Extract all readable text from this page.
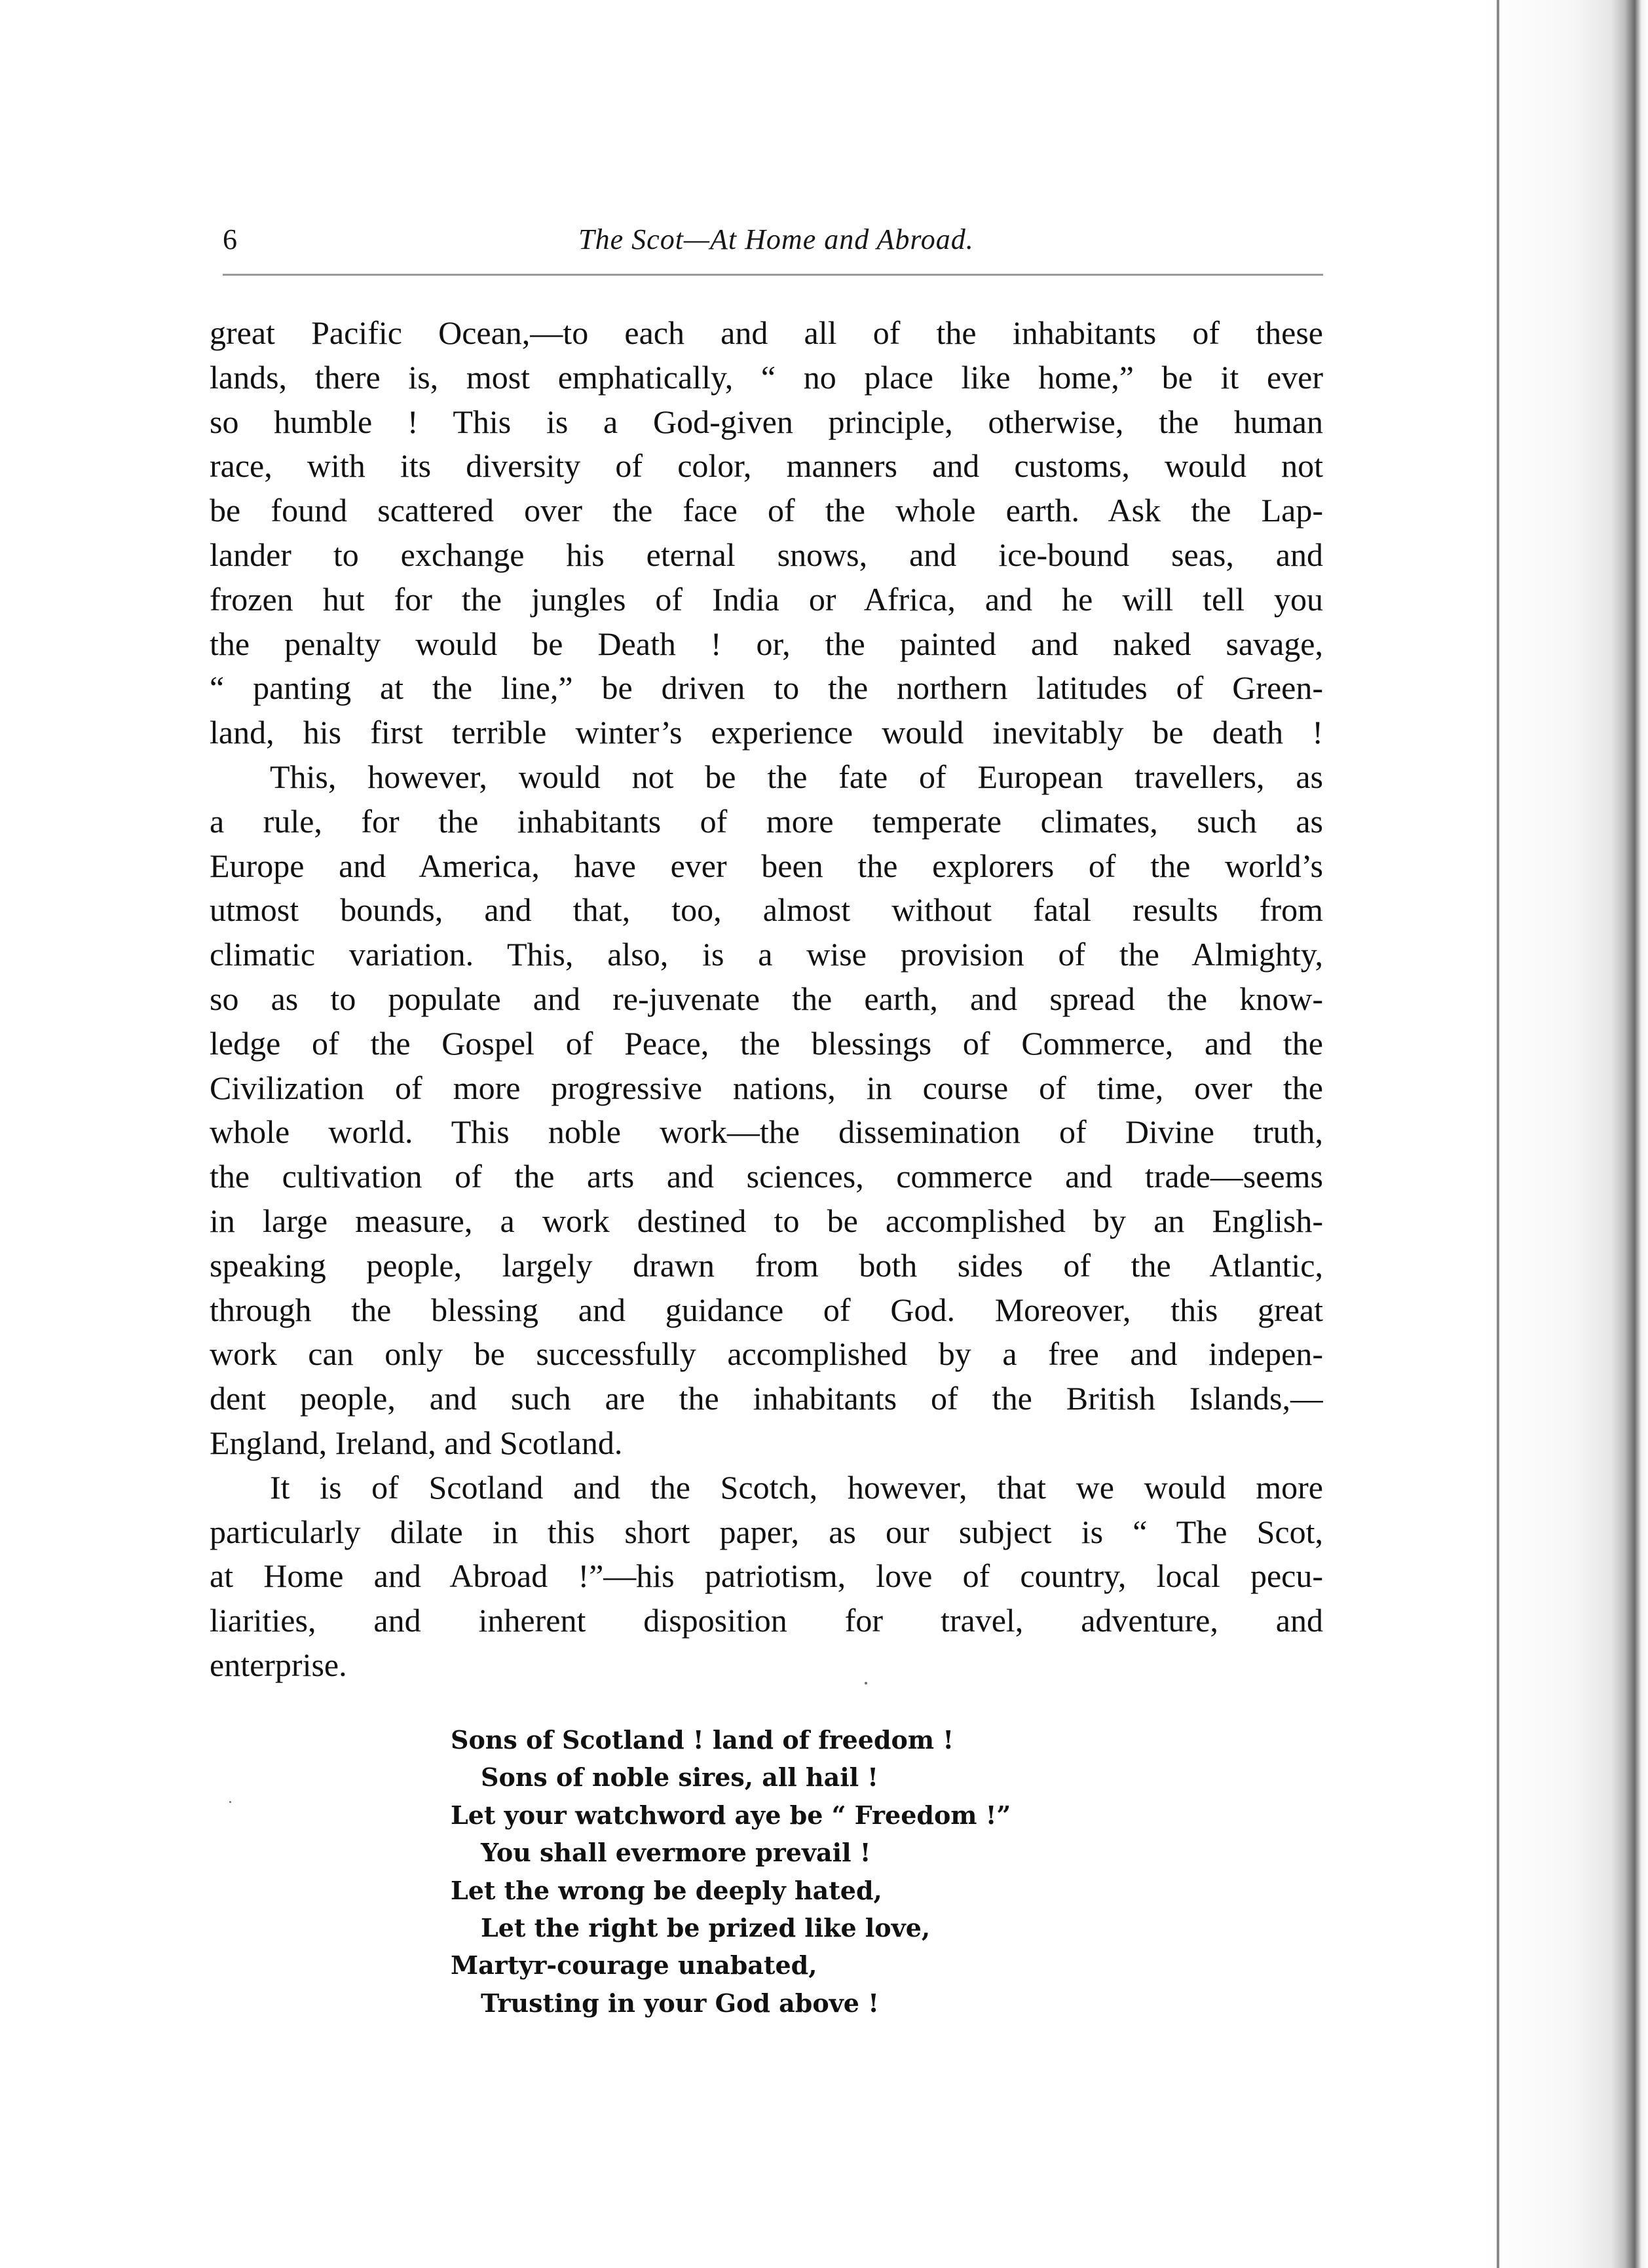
6	The Scot—At Home and Abroad.
great Pacific Ocean,—to each and all of the inhabitants of these
lands, there is, most emphatically, “ no place like home,” be it ever
so humble ! This is a God-given principle, otherwise, the human
race, with its diversity of color, manners and customs, would not
be found scattered over the face of the whole earth. Ask the Lap-
lander to exchange his eternal snows, and ice-bound seas, and
frozen hut for the jungles of India or Africa, and he will tell you
the penalty would be Death ! or, the painted and naked savage,
“ panting at the line,” be driven to the northern latitudes of Green-
land, his first terrible winter’s experience would inevitably be death !
This, however, would not be the fate of European travellers, as
a rule, for the inhabitants of more temperate climates, such as
Europe and America, have ever been the explorers of the world’s
utmost bounds, and that, too, almost without fatal results from
climatic variation. This, also, is a wise provision of the Almighty,
so as to populate and re-juvenate the earth, and spread the know-
ledge of the Gospel of Peace, the blessings of Commerce, and the
Civilization of more progressive nations, in course of time, over the
whole world. This noble work—the dissemination of Divine truth,
the cultivation of the arts and sciences, commerce and trade—seems
in large measure, a work destined to be accomplished by an English-
speaking people, largely drawn from both sides of the Atlantic,
through the blessing and guidance of God. Moreover, this great
work can only be successfully accomplished by a free and indepen-
dent people, and such are the inhabitants of the British Islands,—
England, Ireland, and Scotland.
It is of Scotland and the Scotch, however, that we would more
particularly dilate in this short paper, as our subject is “ The Scot,
at Home and Abroad !”—his patriotism, love of country, local pecu-
liarities, and inherent disposition for travel, adventure, and
enterprise.
Sons of Scotland ! land of freedom !
Sons of noble sires, all hail !
Let your watchword aye be “ Freedom !”
You shall evermore prevail !
Let the wrong be deeply hated,
Let the right be prized like love,
Martyr-courage unabated,
Trusting in your God above !
